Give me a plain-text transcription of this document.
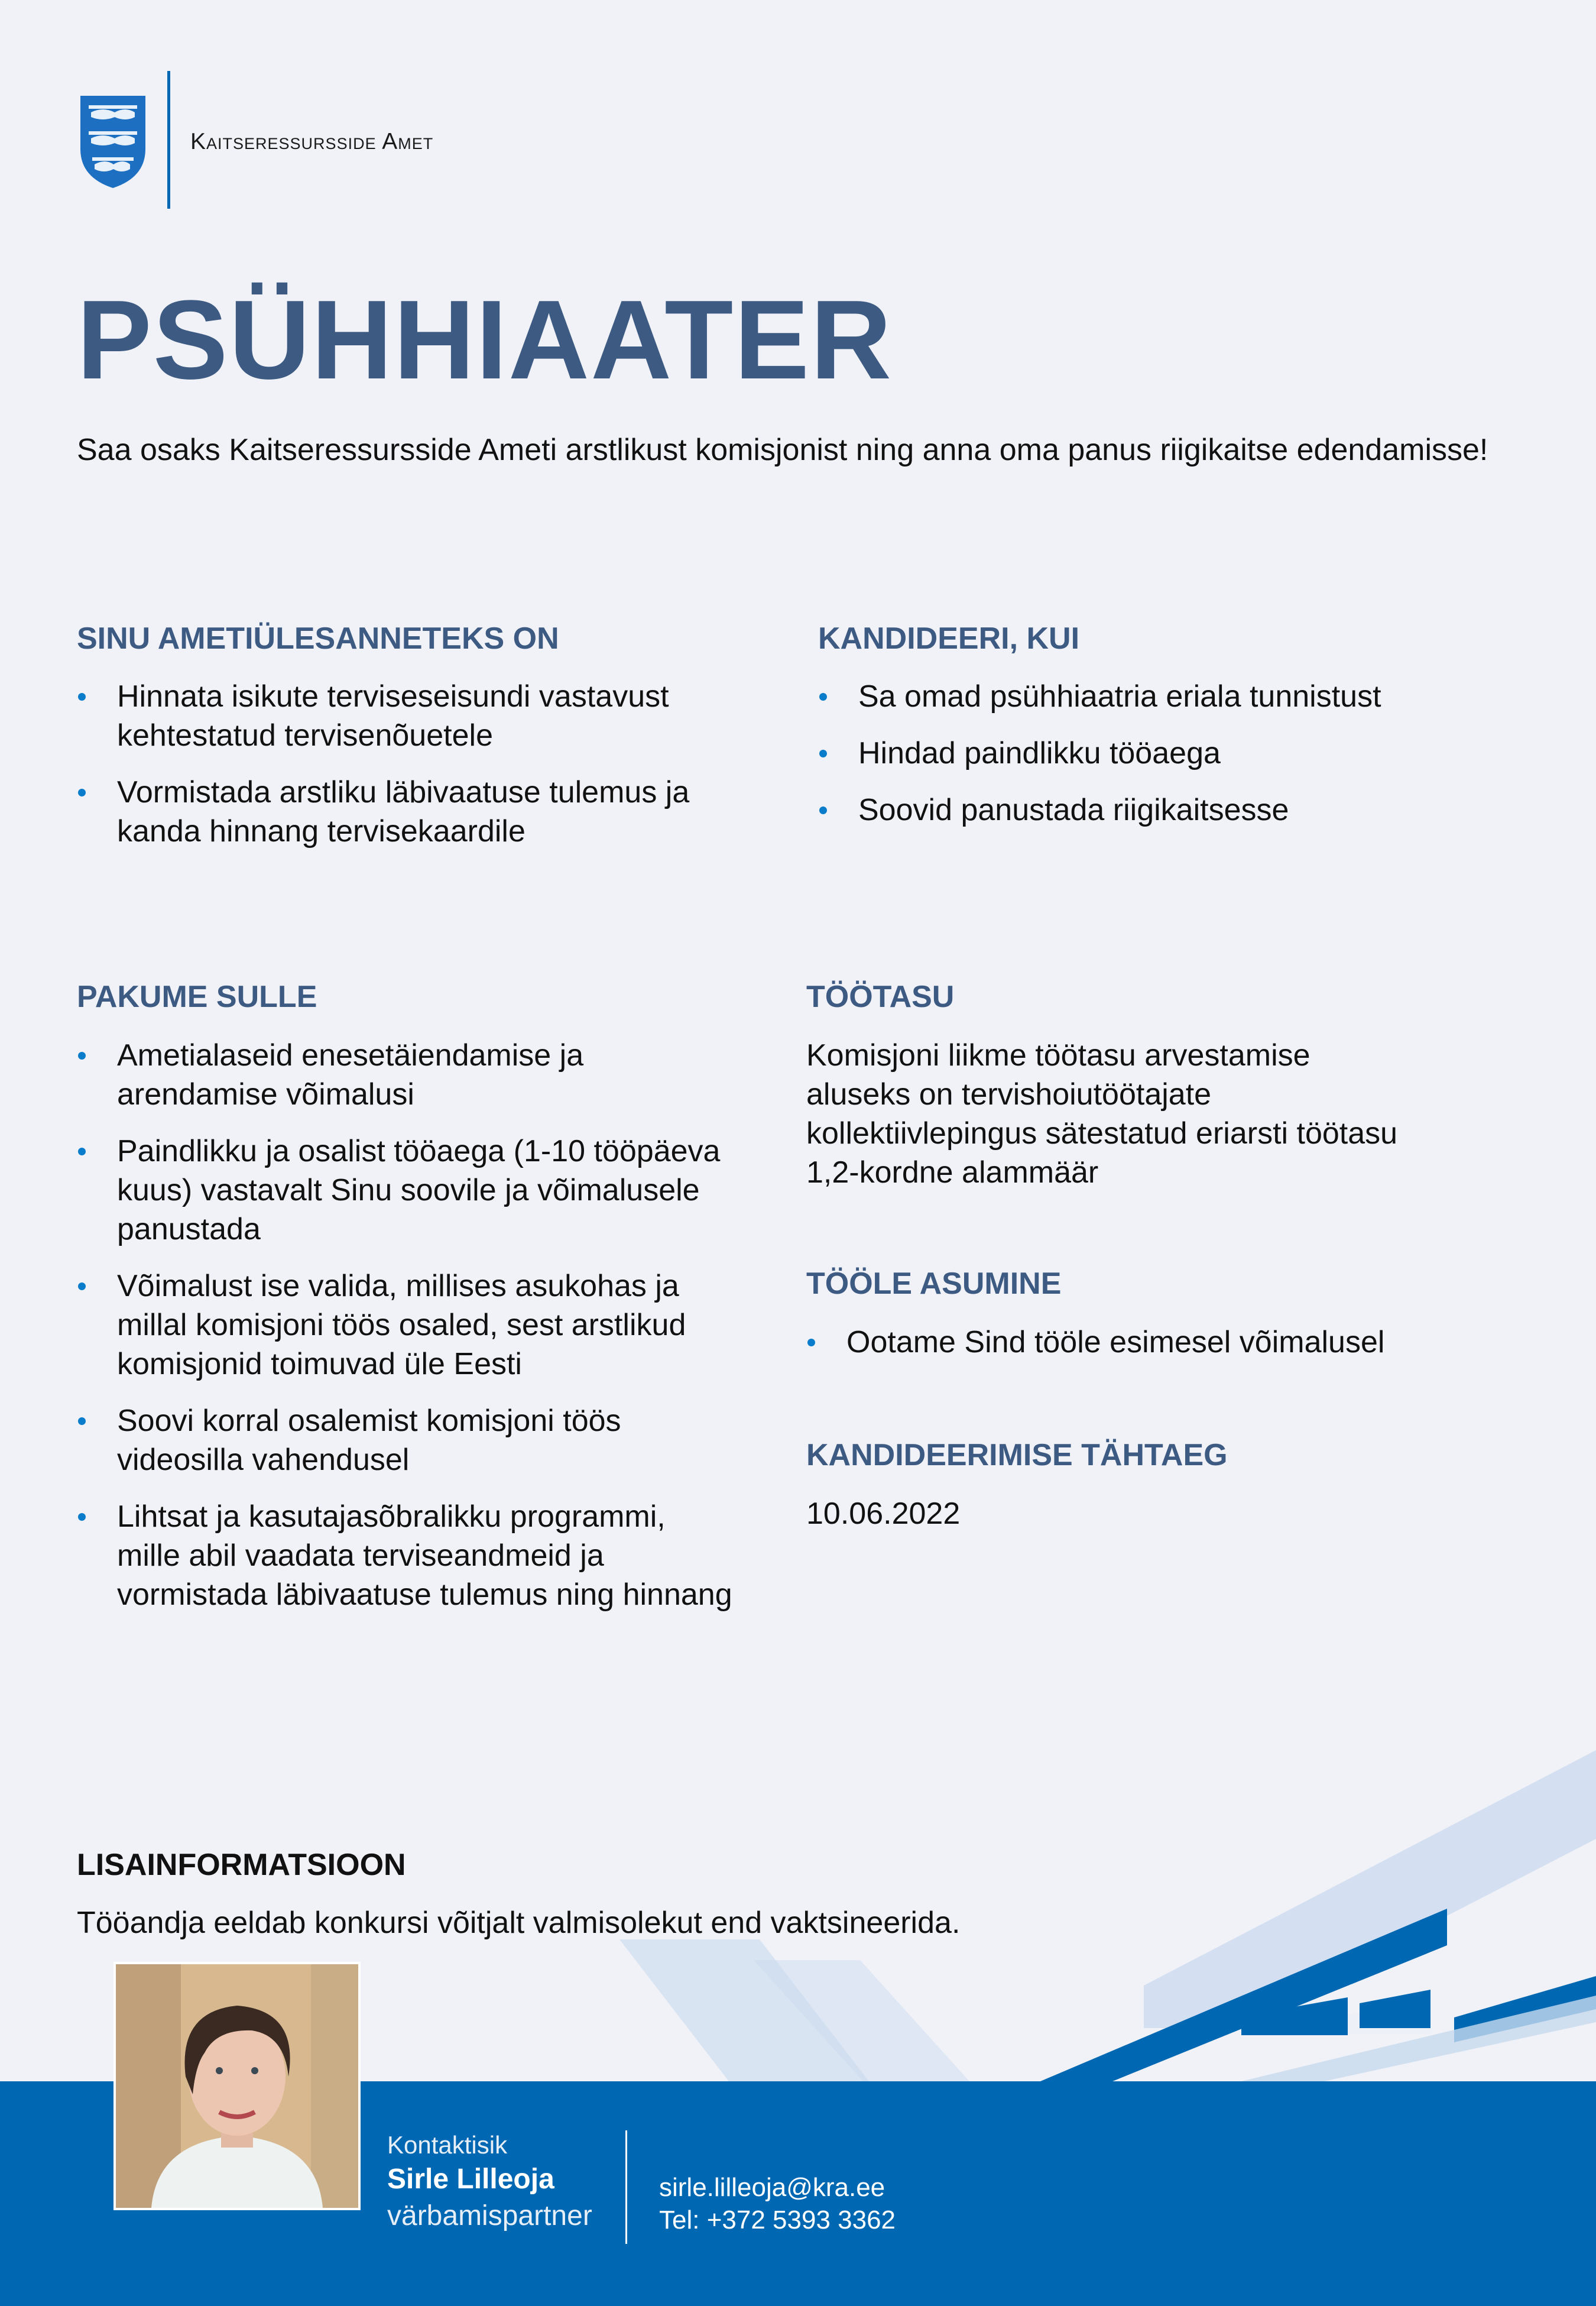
Kaitseressursside Amet
PSÜHHIAATER
Saa osaks Kaitseressursside Ameti arstlikust komisjonist ning anna oma panus riigikaitse edendamisse!
SINU AMETIÜLESANNETEKS ON
Hinnata isikute terviseseisundi vastavust kehtestatud tervisenõuetele
Vormistada arstliku läbivaatuse tulemus ja kanda hinnang tervisekaardile
KANDIDEERI, KUI
Sa omad psühhiaatria eriala tunnistust
Hindad paindlikku tööaega
Soovid panustada riigikaitsesse
PAKUME SULLE
Ametialaseid enesetäiendamise ja arendamise võimalusi
Paindlikku ja osalist tööaega (1-10 tööpäeva kuus) vastavalt Sinu soovile ja võimalusele panustada
Võimalust ise valida, millises asukohas ja millal komisjoni töös osaled, sest arstlikud komisjonid toimuvad üle Eesti
Soovi korral osalemist komisjoni töös videosilla vahendusel
Lihtsat ja kasutajasõbralikku programmi, mille abil vaadata terviseandmeid ja vormistada läbivaatuse tulemus ning hinnang
TÖÖTASU
Komisjoni liikme töötasu arvestamise aluseks on tervishoiutöötajate kollektiivlepingus sätestatud eriarsti töötasu 1,2-kordne alammäär
TÖÖLE ASUMINE
Ootame Sind tööle esimesel võimalusel
KANDIDEERIMISE TÄHTAEG
10.06.2022
LISAINFORMATSIOON
Tööandja eeldab konkursi võitjalt valmisolekut end vaktsineerida.
Kontaktisik
Sirle Lilleoja
värbamispartner
sirle.lilleoja@kra.ee
Tel: +372 5393 3362
